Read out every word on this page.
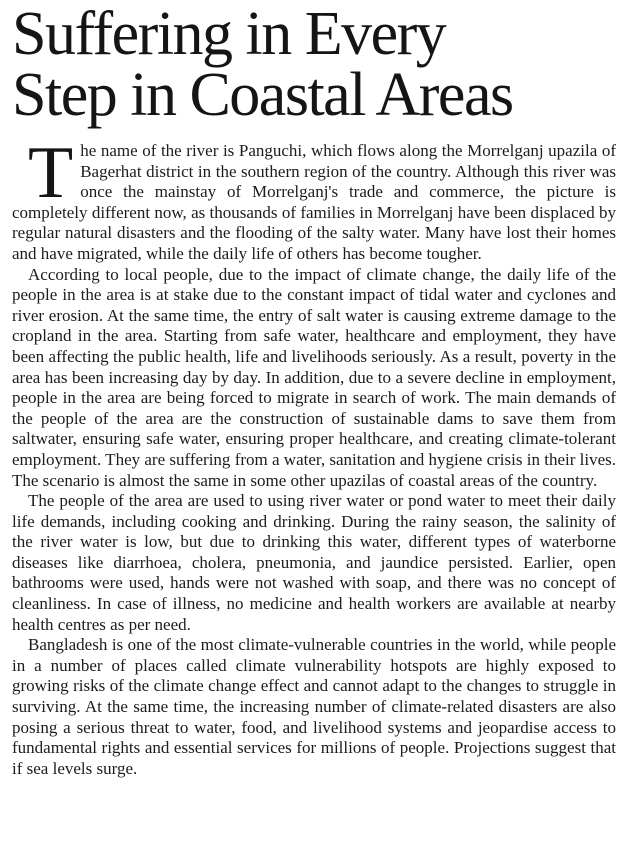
Suffering in Every
Step in Coastal Areas

The name of the river is Panguchi, which flows along the Morrelganj upazila of Bagerhat district in the southern region of the country. Although this river was once the mainstay of Morrelganj's trade and commerce, the picture is completely different now, as thousands of families in Morrelganj have been displaced by regular natural disasters and the flooding of the salty water. Many have lost their homes and have migrated, while the daily life of others has become tougher.

According to local people, due to the impact of climate change, the daily life of the people in the area is at stake due to the constant impact of tidal water and cyclones and river erosion. At the same time, the entry of salt water is causing extreme damage to the cropland in the area. Starting from safe water, healthcare and employment, they have been affecting the public health, life and livelihoods seriously. As a result, poverty in the area has been increasing day by day. In addition, due to a severe decline in employment, people in the area are being forced to migrate in search of work. The main demands of the people of the area are the construction of sustainable dams to save them from saltwater, ensuring safe water, ensuring proper healthcare, and creating climate-tolerant employment. They are suffering from a water, sanitation and hygiene crisis in their lives. The scenario is almost the same in some other upazilas of coastal areas of the country.

The people of the area are used to using river water or pond water to meet their daily life demands, including cooking and drinking. During the rainy season, the salinity of the river water is low, but due to drinking this water, different types of waterborne diseases like diarrhoea, cholera, pneumonia, and jaundice persisted. Earlier, open bathrooms were used, hands were not washed with soap, and there was no concept of cleanliness. In case of illness, no medicine and health workers are available at nearby health centres as per need.

Bangladesh is one of the most climate-vulnerable countries in the world, while people in a number of places called climate vulnerability hotspots are highly exposed to growing risks of the climate change effect and cannot adapt to the changes to struggle in surviving. At the same time, the increasing number of climate-related disasters are also posing a serious threat to water, food, and livelihood systems and jeopardise access to fundamental rights and essential services for millions of people. Projections suggest that if sea levels surge.
